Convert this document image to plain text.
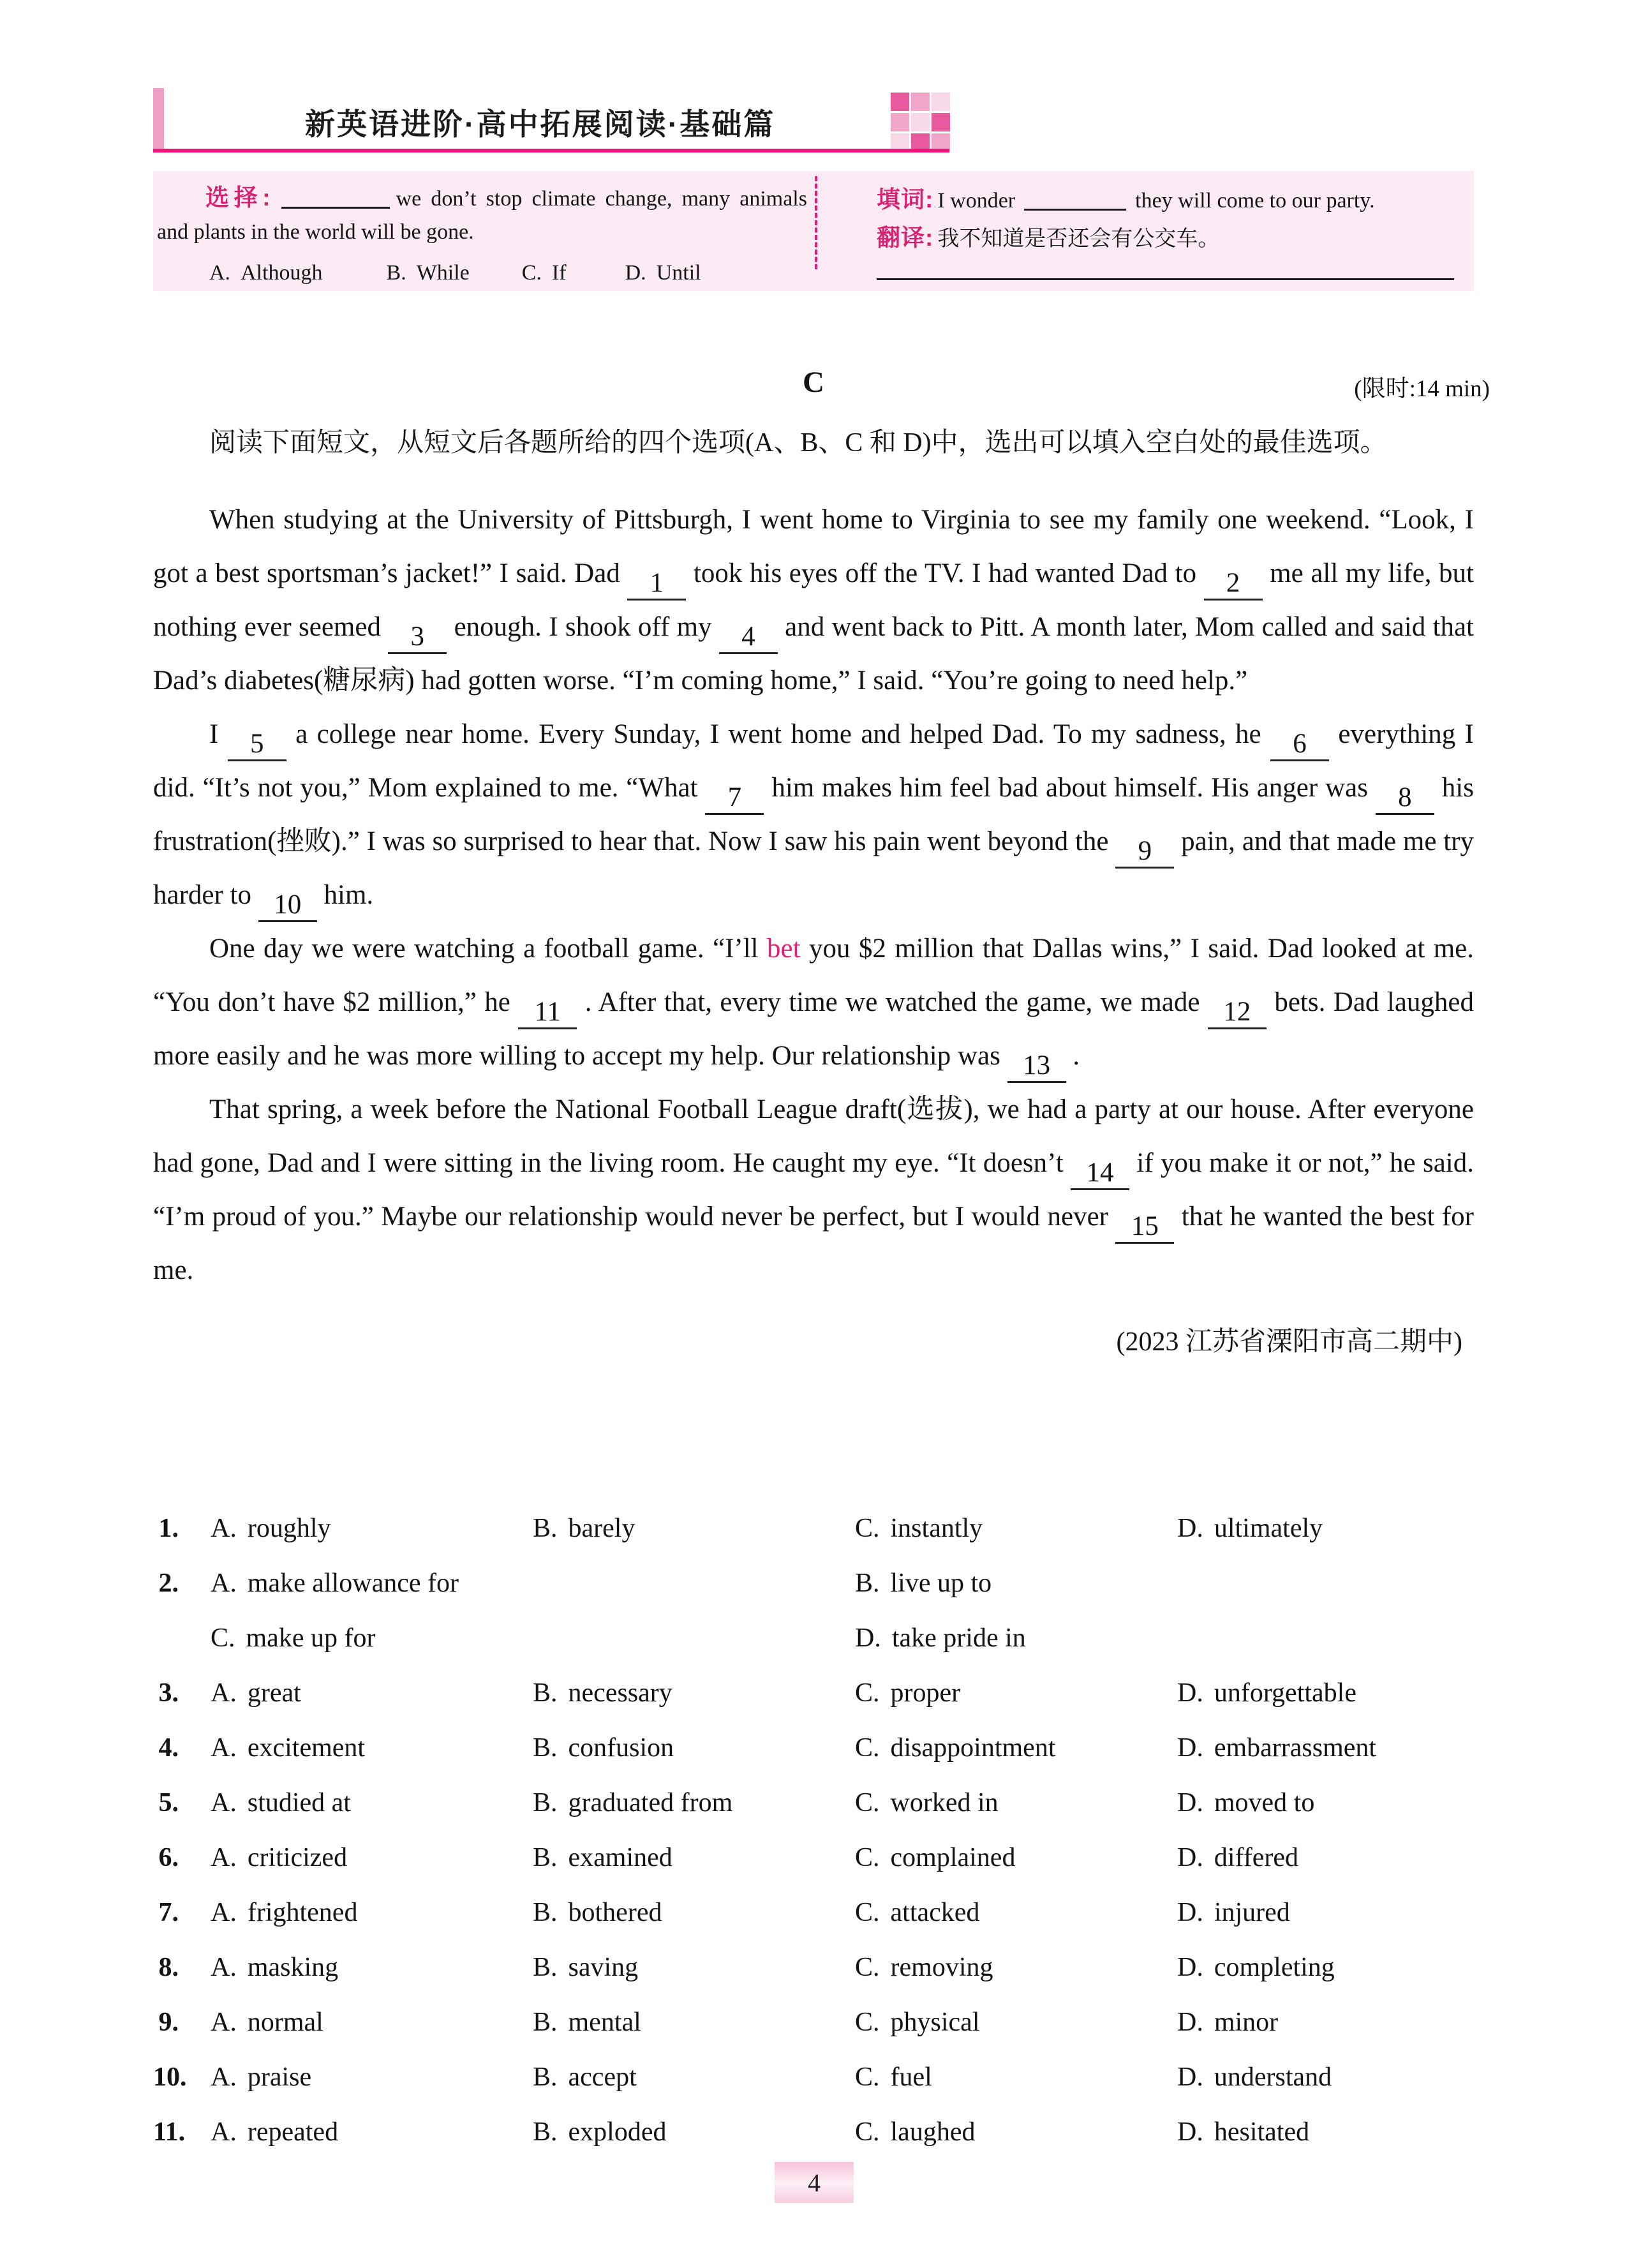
新英语进阶·高中拓展阅读·基础篇
选择:	we don’t stop climate change, many animals and plants in the world will be gone.
A. Although	B. While C. If	D. Until
填词: I wonder	they will come to our party.
翻译: 我不知道是否还会有公交车。
C	(限时:14 min)
阅读下面短文，从短文后各题所给的四个选项(A、B、C 和 D)中，选出可以填入空白处的最佳选项。
When studying at the University of Pittsburgh, I went home to Virginia to see my family one weekend. “Look, I got a best sportsman’s jacket!” I said. Dad 1 took his eyes off the TV. I had wanted Dad to 2 me all my life, but nothing ever seemed 3 enough. I shook off my 4 and went back to Pitt. A month later, Mom called and said that Dad’s diabetes(糖尿病) had gotten worse. “I’m coming home,” I said. “You’re going to need help.”
I 5 a college near home. Every Sunday, I went home and helped Dad. To my sadness, he 6 everything I did. “It’s not you,” Mom explained to me. “What 7 him makes him feel bad about himself. His anger was 8 his frustration(挫败).” I was so surprised to hear that. Now I saw his pain went beyond the 9 pain, and that made me try harder to 10 him.
One day we were watching a football game. “I’ll bet you $2 million that Dallas wins,” I said. Dad looked at me. “You don’t have $2 million,” he 11 . After that, every time we watched the game, we made 12 bets. Dad laughed more easily and he was more willing to accept my help. Our relationship was 13 .
That spring, a week before the National Football League draft(选拔), we had a party at our house. After everyone had gone, Dad and I were sitting in the living room. He caught my eye. “It doesn’t 14 if you make it or not,” he said. “I’m proud of you.” Maybe our relationship would never be perfect, but I would never 15 that he wanted the best for me.
(2023 江苏省溧阳市高二期中)
1.	A. roughly	B. barely	C. instantly	D. ultimately
2.	A. make allowance for	B. live up to
C. make up for	D. take pride in
3.	A. great	B. necessary	C. proper	D. unforgettable
4.	A. excitement	B. confusion	C. disappointment	D. embarrassment
5.	A. studied at	B. graduated from	C. worked in	D. moved to
6.	A. criticized	B. examined	C. complained	D. differed
7.	A. frightened	B. bothered	C. attacked	D. injured
8.	A. masking	B. saving	C. removing	D. completing
9.	A. normal	B. mental	C. physical	D. minor
10. A. praise	B. accept	C. fuel	D. understand
11. A. repeated	B. exploded	C. laughed	D. hesitated
4
